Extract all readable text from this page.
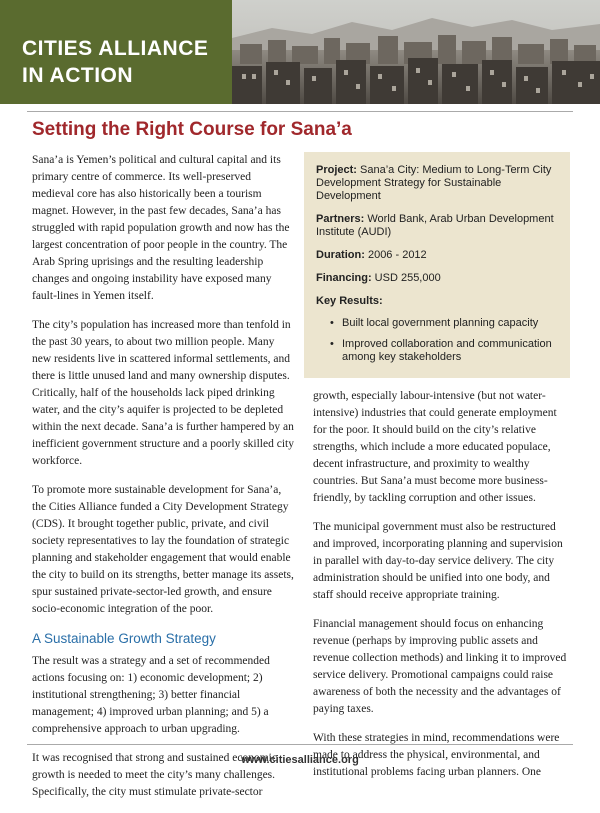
CITIES ALLIANCE
IN ACTION
Setting the Right Course for Sana’a

Sana’a is Yemen’s political and cultural capital and its primary centre of commerce. Its well-preserved medieval core has also historically been a tourism magnet. However, in the past few decades, Sana’a has struggled with rapid population growth and now has the largest concentration of poor people in the country. The Arab Spring uprisings and the resulting leadership changes and ongoing instability have exposed many fault-lines in Yemen itself.

The city’s population has increased more than tenfold in the past 30 years, to about two million people. Many new residents live in scattered informal settlements, and there is little unused land and many ownership disputes. Critically, half of the households lack piped drinking water, and the city’s aquifer is projected to be depleted within the next decade. Sana’a is further hampered by an inefficient government structure and a poorly skilled city workforce.

To promote more sustainable development for Sana’a, the Cities Alliance funded a City Development Strategy (CDS). It brought together public, private, and civil society representatives to lay the foundation of strategic planning and stakeholder engagement that would enable the city to build on its strengths, better manage its assets, spur sustained private-sector-led growth, and ensure socio-economic integration of the poor.

A Sustainable Growth Strategy

The result was a strategy and a set of recommended actions focusing on: 1) economic development; 2) institutional strengthening; 3) better financial management; 4) improved urban planning; and 5) a comprehensive approach to urban upgrading.

It was recognised that strong and sustained economic growth is needed to meet the city’s many challenges. Specifically, the city must stimulate private-sector

Project: Sana’a City: Medium to Long-Term City Development Strategy for Sustainable Development
Partners: World Bank, Arab Urban Development Institute (AUDI)
Duration: 2006 - 2012
Financing: USD 255,000
Key Results:
• Built local government planning capacity
• Improved collaboration and communication among key stakeholders

growth, especially labour-intensive (but not water-intensive) industries that could generate employment for the poor. It should build on the city’s relative strengths, which include a more educated populace, decent infrastructure, and proximity to wealthy countries. But Sana’a must become more business-friendly, by tackling corruption and other issues.

The municipal government must also be restructured and improved, incorporating planning and supervision in parallel with day-to-day service delivery. The city administration should be unified into one body, and staff should receive appropriate training.

Financial management should focus on enhancing revenue (perhaps by improving public assets and revenue collection methods) and linking it to improved service delivery. Promotional campaigns could raise awareness of both the necessity and the advantages of paying taxes.

With these strategies in mind, recommendations were made to address the physical, environmental, and institutional problems facing urban planners. One

www.citiesalliance.org
